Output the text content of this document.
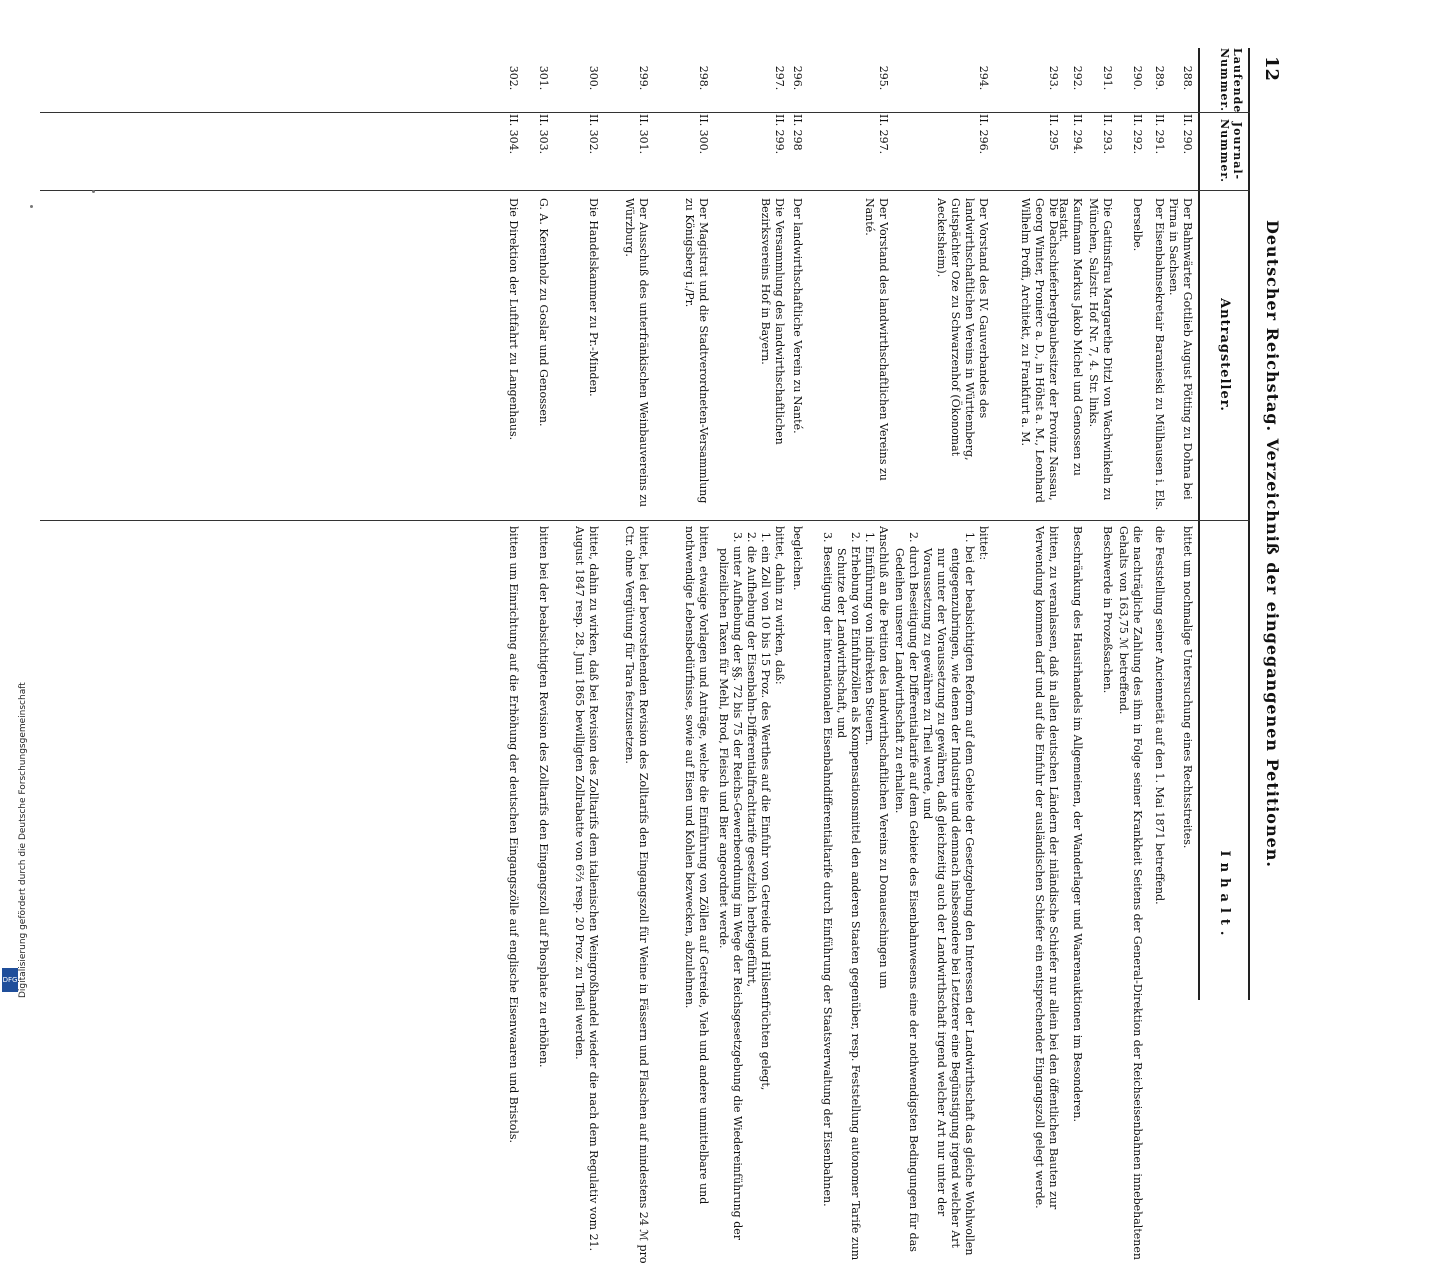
12
Deutscher Reichstag. Verzeichniß der eingegangenen Petitionen.
Laufende Nummer.
Journal-Nummer.
Antragsteller.
Inhalt.
288.
II. 290.
Der Bahnwärter Gottlieb August Pötting zu Dohna bei Pirna in Sachsen.
bittet um nochmalige Untersuchung eines Rechtsstreites.
289.
II. 291.
Der Eisenbahnsekretair Baranieski zu Mülhausen i. Els.
die Feststellung seiner Anciennetät auf den 1. Mai 1871 betreffend.
290.
II. 292.
Derselbe.
die nachträgliche Zahlung des ihm in Folge seiner Krankheit Seitens der General-Direktion der Reichseisenbahnen innebehaltenen Gehalts von 163,75 ℳ betreffend.
291.
II. 293.
Die Gattinsfrau Margarethe Ditzl von Wachwinkeln zu München, Salzstr. Hof Nr. 7, 4. Str. links.
Beschwerde in Prozeßsachen.
292.
II. 294.
Kaufmann Markus Jakob Michel und Genossen zu Rastatt.
Beschränkung des Hausirhandels im Allgemeinen, der Wanderlager und Waarenauktionen im Besonderen.
293.
II. 295
Die Dachschieferbergbaubesitzer der Provinz Nassau, Georg Winter, Pronierc a. D., in Höhst a. M., Leonhard Wilhelm Proffi, Architekt, zu Frankfurt a. M.
bitten, zu veranlassen, daß in allen deutschen Ländern der inländische Schiefer nur allein bei den öffentlichen Bauten zur Verwendung kommen darf und auf die Einfuhr der ausländischen Schiefer ein entsprechender Eingangszoll gelegt werde.
294.
II. 296.
Der Vorstand des IV. Gauverbandes des landwirthschaftlichen Vereins in Württemberg, Gutspächter Oze zu Schwarzenhof (Ökonomat Aecketsheim).
bittet:
1. bei der beabsichtigten Reform auf dem Gebiete der Gesetzgebung den Interessen der Landwirthschaft das gleiche Wohlwollen entgegenzubringen, wie denen der Industrie und demnach insbesondere bei Letzterer eine Begünstigung irgend welcher Art nur unter der Voraussetzung zu gewähren, daß gleichzeitig auch der Landwirthschaft irgend welcher Art nur unter der Voraussetzung zu gewähren zu Theil werde, und
2. durch Beseitigung der Differentialtarife auf dem Gebiete des Eisenbahnwesens eine der nothwendigsten Bedingungen für das Gedeihen unserer Landwirthschaft zu erhalten.
295.
II. 297.
Der Vorstand des landwirthschaftlichen Vereins zu Nanté.
Anschluß an die Petition des landwirthschaftlichen Vereins zu Donaueschingen um
1. Einführung von indirekten Steuern.
2. Erhebung von Einfuhrzöllen als Kompensationsmittel den anderen Staaten gegenüber, resp. Feststellung autonomer Tarife zum Schutze der Landwirthschaft, und
3. Beseitigung der internationalen Eisenbahndifferentialtarife durch Einführung der Staatsverwaltung der Eisenbahnen.
296.
II. 298
Der landwirthschaftliche Verein zu Nanté.
begleichen.
297.
II. 299.
Die Versammlung des landwirthschaftlichen Bezirksvereins Hof in Bayern.
bittet, dahin zu wirken, daß:
1. ein Zoll von 10 bis 15 Proz. des Werthes auf die Einfuhr von Getreide und Hülsenfrüchten gelegt,
2. die Aufhebung der Eisenbahn-Differentialfrachttarife gesetzlich herbeigeführt,
3. unter Aufhebung der §§. 72 bis 75 der Reichs-Gewerbeordnung im Wege der Reichsgesetzgebung die Wiedereinführung der polizeilichen Taxen für Mehl, Brod, Fleisch und Bier angeordnet werde.
298.
II. 300.
Der Magistrat und die Stadtverordneten-Versammlung zu Königsberg i./Pr.
bitten, etwaige Vorlagen und Anträge, welche die Einführung von Zöllen auf Getreide, Vieh und andere unmittelbare und nothwendige Lebensbedürfnisse, sowie auf Eisen und Kohlen bezwecken, abzulehnen.
299.
II. 301.
Der Ausschuß des unterfränkischen Weinbauvereins zu Würzburg.
bittet, bei der bevorstehenden Revision des Zolltarifs den Eingangszoll für Weine in Fässern und Flaschen auf mindestens 24 ℳ pro Ctr. ohne Vergütung für Tara festzusetzen.
300.
II. 302.
Die Handelskammer zu Pr.-Minden.
bittet, dahin zu wirken, daß bei Revision des Zolltarifs dem italienischen Weingroßhandel wieder die nach dem Regulativ vom 21. August 1847 resp. 28. Juni 1865 bewilligten Zollrabatte von 6⅔ resp. 20 Proz. zu Theil werden.
301.
II. 303.
G. A. Kerenholz zu Goslar und Genossen.
bitten bei der beabsichtigten Revision des Zolltarifs den Eingangszoll auf Phosphate zu erhöhen.
302.
II. 304.
Die Direktion der Luftfahrt zu Langenhaus.
bitten um Einrichtung auf die Erhöhung der deutschen Eingangszölle auf englische Eisenwaaren und Bristols.
Digitalisierung gefördert durch die Deutsche Forschungsgemeinschaft
DFG
